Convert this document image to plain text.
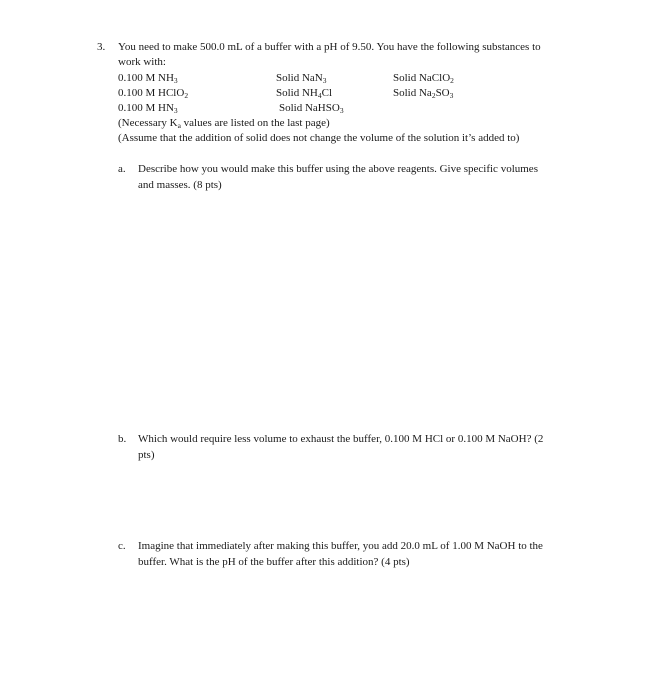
3. You need to make 500.0 mL of a buffer with a pH of 9.50. You have the following substances to
work with:
0.100 M $NH_3$	Solid NaN$_3$	Solid NaClO$_2$
0.100 M HClO$_2$	Solid $NH_4Cl$	Solid $Na_2SO_3$
0.100 M $HN_3$	Solid NaHSO$_3$
(Necessary $K_a$ values are listed on the last page)
(Assume that the addition of solid does not change the volume of the solution it’s added to)
a. Describe how you would make this buffer using the above reagents. Give specific volumes
and masses. (8 pts)
b. Which would require less volume to exhaust the buffer, 0.100 M HCl or 0.100 M NaOH? (2
pts)
c. Imagine that immediately after making this buffer, you add 20.0 mL of 1.00 M NaOH to the
buffer. What is the pH of the buffer after this addition? (4 pts)
